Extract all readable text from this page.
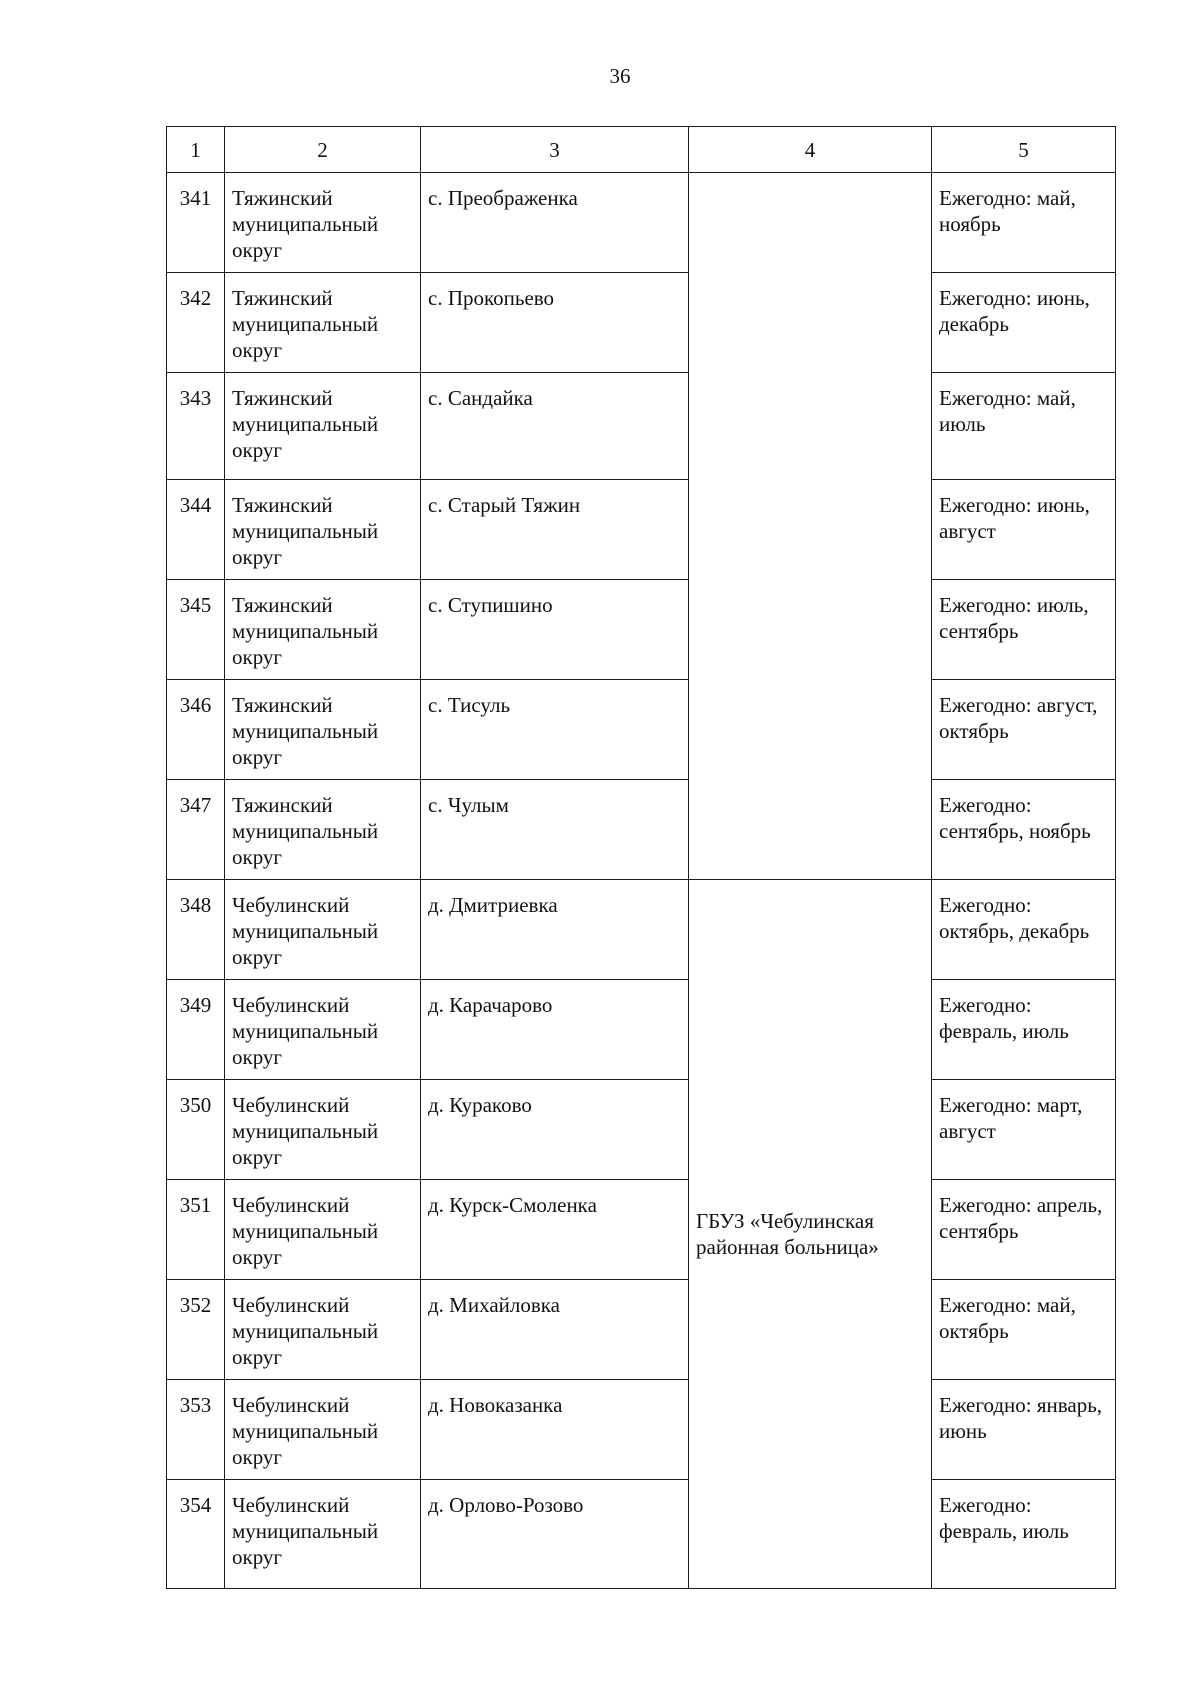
36
1	2	3	4	5
341	Тяжинский муниципальный округ	с. Преображенка		Ежегодно: май, ноябрь
342	Тяжинский муниципальный округ	с. Прокопьево		Ежегодно: июнь, декабрь
343	Тяжинский муниципальный округ	с. Сандайка		Ежегодно: май, июль
344	Тяжинский муниципальный округ	с. Старый Тяжин		Ежегодно: июнь, август
345	Тяжинский муниципальный округ	с. Ступишино		Ежегодно: июль, сентябрь
346	Тяжинский муниципальный округ	с. Тисуль		Ежегодно: август, октябрь
347	Тяжинский муниципальный округ	с. Чулым		Ежегодно: сентябрь, ноябрь
348	Чебулинский муниципальный округ	д. Дмитриевка	ГБУЗ «Чебулинская районная больница»	Ежегодно: октябрь, декабрь
349	Чебулинский муниципальный округ	д. Карачарово		Ежегодно: февраль, июль
350	Чебулинский муниципальный округ	д. Кураково		Ежегодно: март, август
351	Чебулинский муниципальный округ	д. Курск-Смоленка		Ежегодно: апрель, сентябрь
352	Чебулинский муниципальный округ	д. Михайловка		Ежегодно: май, октябрь
353	Чебулинский муниципальный округ	д. Новоказанка		Ежегодно: январь, июнь
354	Чебулинский муниципальный округ	д. Орлово-Розово		Ежегодно: февраль, июль
